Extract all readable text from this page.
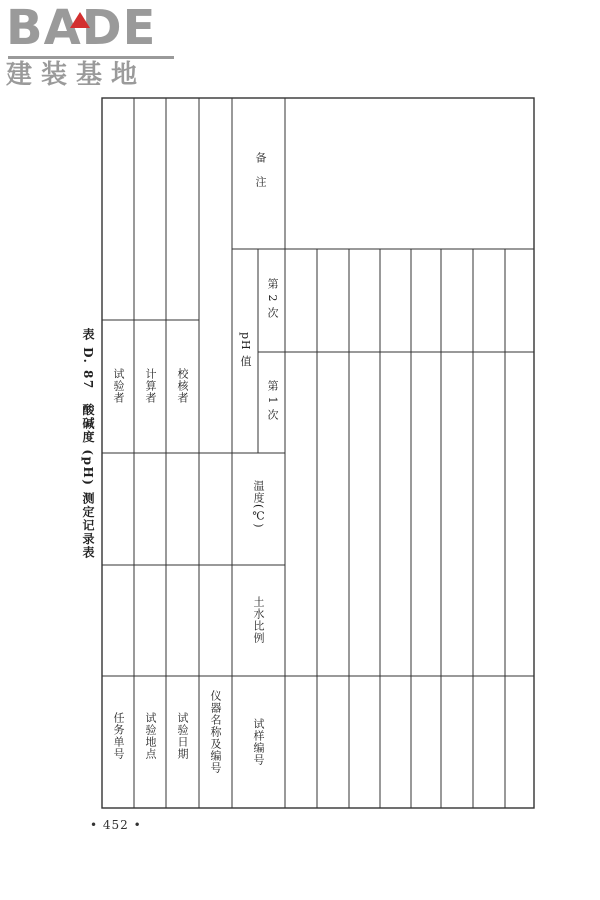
BADE
建装基地
表 D. 87　酸碱度 (pH) 测定记录表
任务单号 试验地点 试验日期 仪器名称及编号
试验者 计算者 校核者
试样编号
土水比例
温度(℃)
pH 值
第 1 次
第 2 次
备　注
• 452 •
